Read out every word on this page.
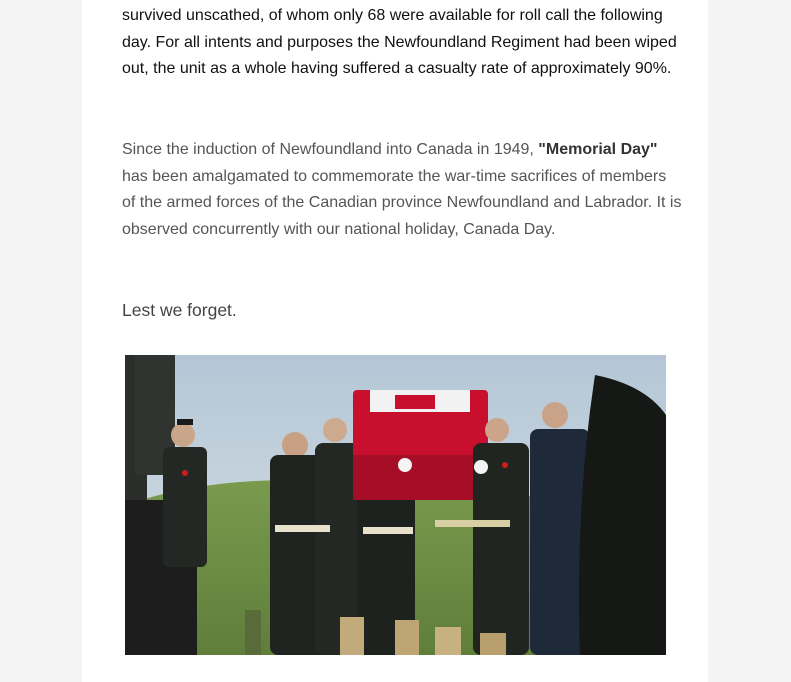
survived unscathed, of whom only 68 were available for roll call the following day. For all intents and purposes the Newfoundland Regiment had been wiped out, the unit as a whole having suffered a casualty rate of approximately 90%.

Since the induction of Newfoundland into Canada in 1949, "Memorial Day" has been amalgamated to commemorate the war-time sacrifices of members of the armed forces of the Canadian province Newfoundland and Labrador. It is observed concurrently with our national holiday, Canada Day.

Lest we forget.
